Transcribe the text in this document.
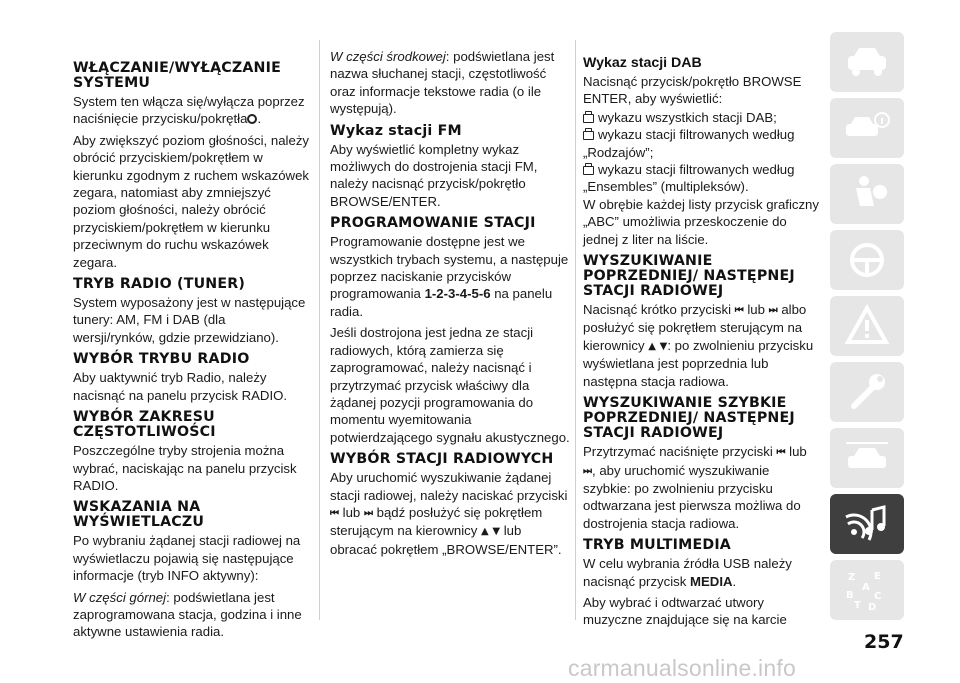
WŁĄCZANIE/WYŁĄCZANIE SYSTEMU

System ten włącza się/wyłącza poprzez naciśnięcie przycisku/pokrętła .

Aby zwiększyć poziom głośności, należy obrócić przyciskiem/pokrętłem w kierunku zgodnym z ruchem wskazówek zegara, natomiast aby zmniejszyć poziom głośności, należy obrócić przyciskiem/pokrętłem w kierunku przeciwnym do ruchu wskazówek zegara.

TRYB RADIO (TUNER)

System wyposażony jest w następujące tunery: AM, FM i DAB (dla wersji/rynków, gdzie przewidziano).

WYBÓR TRYBU RADIO

Aby uaktywnić tryb Radio, należy nacisnąć na panelu przycisk RADIO.

WYBÓR ZAKRESU CZĘSTOTLIWOŚCI

Poszczególne tryby strojenia można wybrać, naciskając na panelu przycisk RADIO.

WSKAZANIA NA WYŚWIETLACZU

Po wybraniu żądanej stacji radiowej na wyświetlaczu pojawią się następujące informacje (tryb INFO aktywny):

W części górnej: podświetlana jest zaprogramowana stacja, godzina i inne aktywne ustawienia radia.

W części środkowej: podświetlana jest nazwa słuchanej stacji, częstotliwość oraz informacje tekstowe radia (o ile występują).

Wykaz stacji FM

Aby wyświetlić kompletny wykaz możliwych do dostrojenia stacji FM, należy nacisnąć przycisk/pokrętło BROWSE/ENTER.

PROGRAMOWANIE STACJI

Programowanie dostępne jest we wszystkich trybach systemu, a następuje poprzez naciskanie przycisków programowania 1-2-3-4-5-6 na panelu radia.

Jeśli dostrojona jest jedna ze stacji radiowych, którą zamierza się zaprogramować, należy nacisnąć i przytrzymać przycisk właściwy dla żądanej pozycji programowania do momentu wyemitowania potwierdzającego sygnału akustycznego.

WYBÓR STACJI RADIOWYCH

Aby uruchomić wyszukiwanie żądanej stacji radiowej, należy naciskać przyciski ⏮ lub ⏭ bądź posłużyć się pokrętłem sterującym na kierownicy ▲ ▼ lub obracać pokrętłem „BROWSE/ENTER”.

Wykaz stacji DAB

Nacisnąć przycisk/pokrętło BROWSE ENTER, aby wyświetlić:

wykazu wszystkich stacji DAB;
wykazu stacji filtrowanych według „Rodzajów”;
wykazu stacji filtrowanych według „Ensembles” (multipleksów).

W obrębie każdej listy przycisk graficzny „ABC” umożliwia przeskoczenie do jednej z liter na liście.

WYSZUKIWANIE POPRZEDNIEJ/ NASTĘPNEJ STACJI RADIOWEJ

Nacisnąć krótko przyciski ⏮ lub ⏭ albo posłużyć się pokrętłem sterującym na kierownicy ▲ ▼: po zwolnieniu przycisku wyświetlana jest poprzednia lub następna stacja radiowa.

WYSZUKIWANIE SZYBKIE POPRZEDNIEJ/ NASTĘPNEJ STACJI RADIOWEJ

Przytrzymać naciśnięte przyciski ⏮ lub ⏭, aby uruchomić wyszukiwanie szybkie: po zwolnieniu przycisku odtwarzana jest pierwsza możliwa do dostrojenia stacja radiowa.

TRYB MULTIMEDIA

W celu wybrania źródła USB należy nacisnąć przycisk MEDIA.

Aby wybrać i odtwarzać utwory muzyczne znajdujące się na karcie

Z E
A
B C
T D
257
carmanualsonline.info
